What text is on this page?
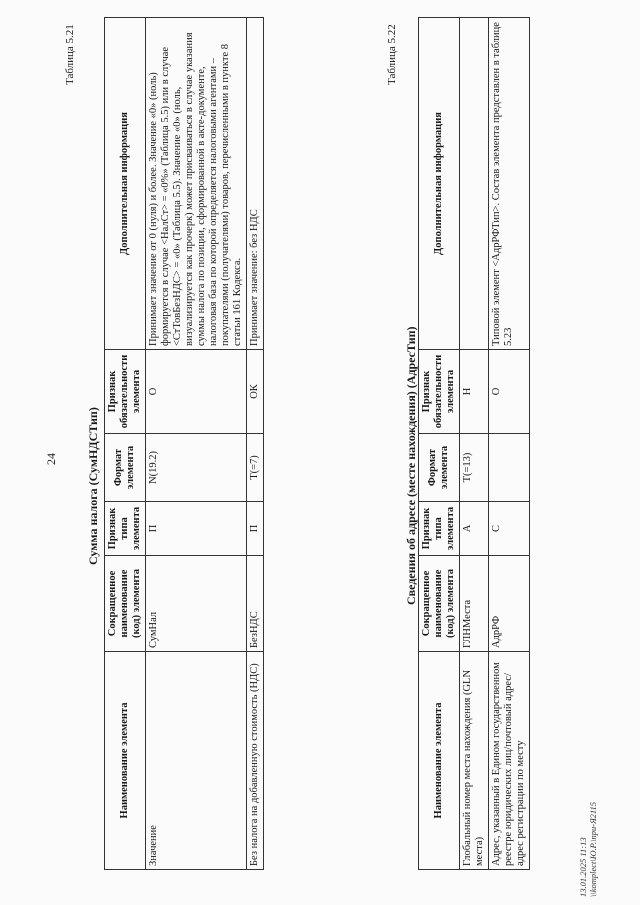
24
Таблица 5.21
Сумма налога (СумНДСТип)
Наименование элемента	Сокращенное наименование (код) элемента	Признак типа элемента	Формат элемента	Признак обязательности элемента	Дополнительная информация
Значение	СумНал	П	N(19.2)	О	Принимает значение от 0 (нуля) и более. Значение «0» (ноль) формируется в случае <НалСт> = «0%» (Таблица 5.5) или в случае <СтТовБезНДС> = «0» (Таблица 5.5). Значение «0» (ноль, визуализируется как прочерк) может присваиваться в случае указания суммы налога по позиции, сформированной в акте-документе, налоговая база по которой определяется налоговыми агентами – покупателями (получателями) товаров, перечисленными в пункте 8 статьи 161 Кодекса.
Без налога на добавленную стоимость (НДС)	БезНДС	П	T(=7)	ОК	Принимает значение: без НДС
Таблица 5.22
Сведения об адресе (месте нахождения) (АдресТип)
Наименование элемента	Сокращенное наименование (код) элемента	Признак типа элемента	Формат элемента	Признак обязательности элемента	Дополнительная информация
Глобальный номер места нахождения (GLN места)	ГЛНМеста	А	T(=13)	Н	
Адрес, указанный в Едином государственном реестре юридических лиц/почтовый адрес/адрес регистрации по месту	АдрРФ	С		О	Типовой элемент <АдрРФТип>. Состав элемента представлен в таблице 5.23
13.01.2025 11:13 \\komplect\Ю.Р.\при-Я2115
